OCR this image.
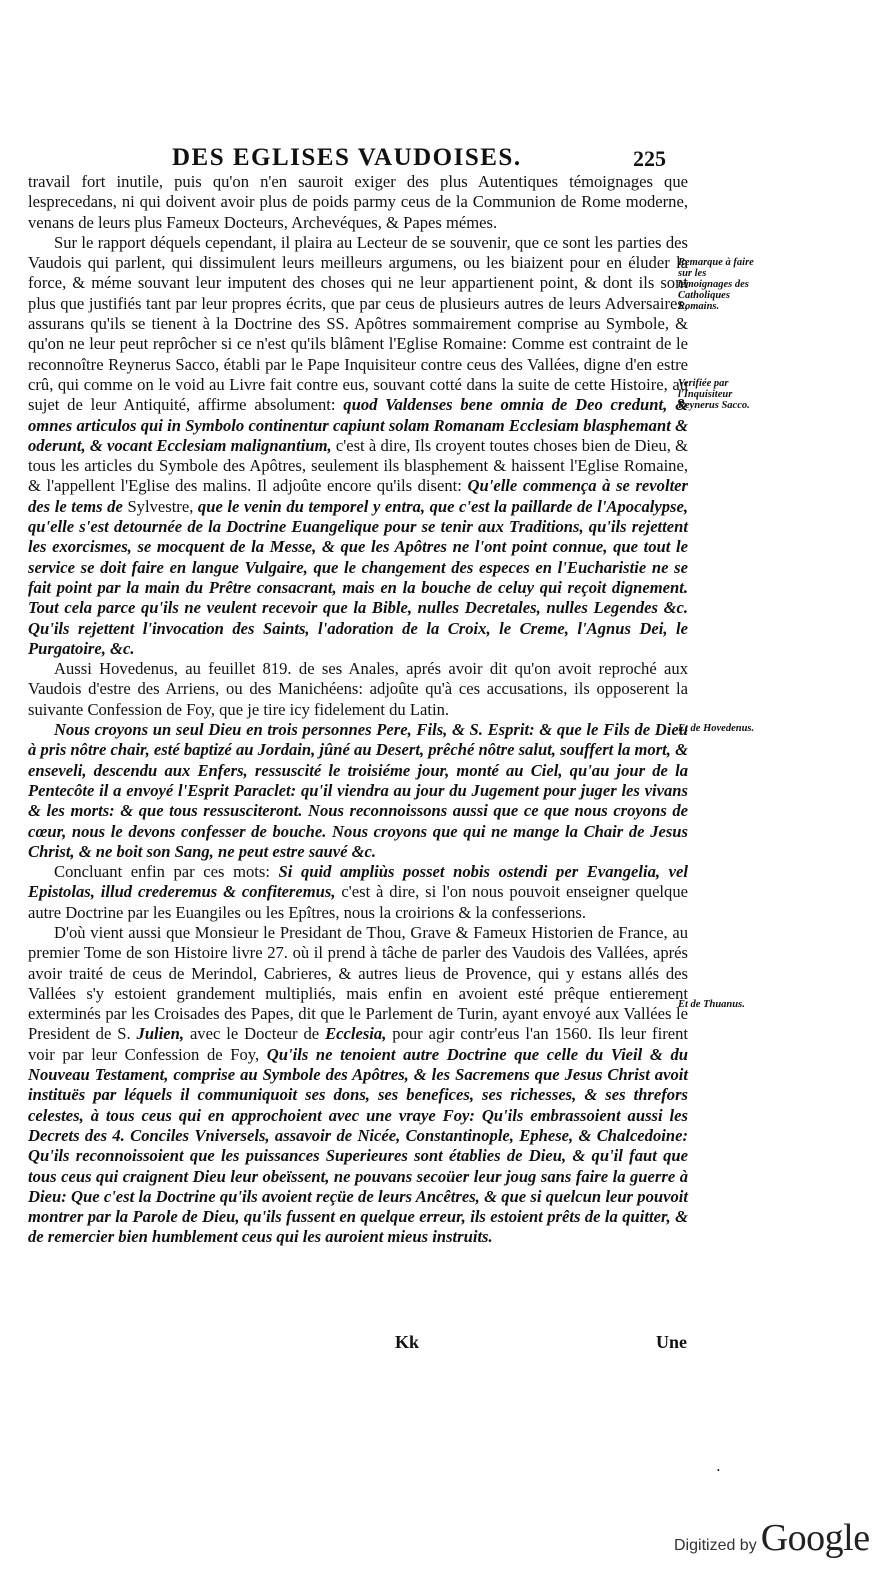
DES EGLISES VAUDOISES.	225

travail fort inutile, puis qu'on n'en sauroit exiger des plus Autentiques témoignages que lesprecedans, ni qui doivent avoir plus de poids parmy ceus de la Communion de Rome moderne, venans de leurs plus Fameux Docteurs, Archevéques, & Papes mémes.

Sur le rapport déquels cependant, il plaira au Lecteur de se souvenir, que ce sont les parties des Vaudois qui parlent, qui dissimulent leurs meilleurs argumens, ou les biaizent pour en éluder la force, & méme souvant leur imputent des choses qui ne leur appartienent point, & dont ils sont plus que justifiés tant par leur propres écrits, que par ceus de plusieurs autres de leurs Adversaires, assurans qu'ils se tienent à la Doctrine des SS. Apôtres sommairement comprise au Symbole, & qu'on ne leur peut reprôcher si ce n'est qu'ils blâment l'Eglise Romaine: Comme est contraint de le reconnoître Reynerus Sacco, établi par le Pape Inquisiteur contre ceus des Vallées, digne d'en estre crû, qui comme on le void au Livre fait contre eus, souvant cotté dans la suite de cette Histoire, au sujet de leur Antiquité, affirme absolument: quod Valdenses bene omnia de Deo credunt, & omnes articulos qui in Symbolo continentur capiunt solam Romanam Ecclesiam blasphemant & oderunt, & vocant Ecclesiam malignantium, c'est à dire, Ils croyent toutes choses bien de Dieu, & tous les articles du Symbole des Apôtres, seulement ils blasphement & haissent l'Eglise Romaine, & l'appellent l'Eglise des malins. Il adjoûte encore qu'ils disent: Qu'elle commença à se revolter des le tems de Sylvestre, que le venin du temporel y entra, que c'est la paillarde de l'Apocalypse, qu'elle s'est detournée de la Doctrine Euangelique pour se tenir aux Traditions, qu'ils rejettent les exorcismes, se mocquent de la Messe, & que les Apôtres ne l'ont point connue, que tout le service se doit faire en langue Vulgaire, que le changement des especes en l'Eucharistie ne se fait point par la main du Prêtre consacrant, mais en la bouche de celuy qui reçoit dignement. Tout cela parce qu'ils ne veulent recevoir que la Bible, nulles Decretales, nulles Legendes &c. Qu'ils rejettent l'invocation des Saints, l'adoration de la Croix, le Creme, l'Agnus Dei, le Purgatoire, &c.

Aussi Hovedenus, au feuillet 819. de ses Anales, aprés avoir dit qu'on avoit reproché aux Vaudois d'estre des Arriens, ou des Manichéens: adjoûte qu'à ces accusations, ils opposerent la suivante Confession de Foy, que je tire icy fidelement du Latin.

Nous croyons un seul Dieu en trois personnes Pere, Fils, & S. Esprit: & que le Fils de Dieu à pris nôtre chair, esté baptizé au Jordain, jûné au Desert, prêché nôtre salut, souffert la mort, & enseveli, descendu aux Enfers, ressuscité le troisiéme jour, monté au Ciel, qu'au jour de la Pentecôte il a envoyé l'Esprit Paraclet: qu'il viendra au jour du Jugement pour juger les vivans & les morts: & que tous ressusciteront. Nous reconnoissons aussi que ce que nous croyons de cœur, nous le devons confesser de bouche. Nous croyons que qui ne mange la Chair de Jesus Christ, & ne boit son Sang, ne peut estre sauvé &c.

Concluant enfin par ces mots: Si quid ampliùs posset nobis ostendi per Evangelia, vel Epistolas, illud crederemus & confiteremus, c'est à dire, si l'on nous pouvoit enseigner quelque autre Doctrine par les Euangiles ou les Epîtres, nous la croirions & la confesserions.

D'où vient aussi que Monsieur le Presidant de Thou, Grave & Fameux Historien de France, au premier Tome de son Histoire livre 27. où il prend à tâche de parler des Vaudois des Vallées, aprés avoir traité de ceus de Merindol, Cabrieres, & autres lieus de Provence, qui y estans allés des Vallées s'y estoient grandement multipliés, mais enfin en avoient esté prêque entierement exterminés par les Croisades des Papes, dit que le Parlement de Turin, ayant envoyé aux Vallées le President de S. Julien, avec le Docteur de Ecclesia, pour agir contr'eus l'an 1560. Ils leur firent voir par leur Confession de Foy, Qu'ils ne tenoient autre Doctrine que celle du Vieil & du Nouveau Testament, comprise au Symbole des Apôtres, & les Sacremens que Jesus Christ avoit instituës par léquels il communiquoit ses dons, ses benefices, ses richesses, & ses threfors celestes, à tous ceus qui en approchoient avec une vraye Foy: Qu'ils embrassoient aussi les Decrets des 4. Conciles Vniversels, assavoir de Nicée, Constantinople, Ephese, & Chalcedoine: Qu'ils reconnoissoient que les puissances Superieures sont établies de Dieu, & qu'il faut que tous ceus qui craignent Dieu leur obeïssent, ne pouvans secoüer leur joug sans faire la guerre à Dieu: Que c'est la Doctrine qu'ils avoient reçüe de leurs Ancêtres, & que si quelcun leur pouvoit montrer par la Parole de Dieu, qu'ils fussent en quelque erreur, ils estoient prêts de la quitter, & de remercier bien humblement ceus qui les auroient mieus instruits.

Remarque à faire sur les témoignages des Catholiques Romains.
Verifiée par l'Inquisiteur Reynerus Sacco.
Et de Hovedenus.
Et de Thuanus.
Kk	Une
•
Digitized by Google
